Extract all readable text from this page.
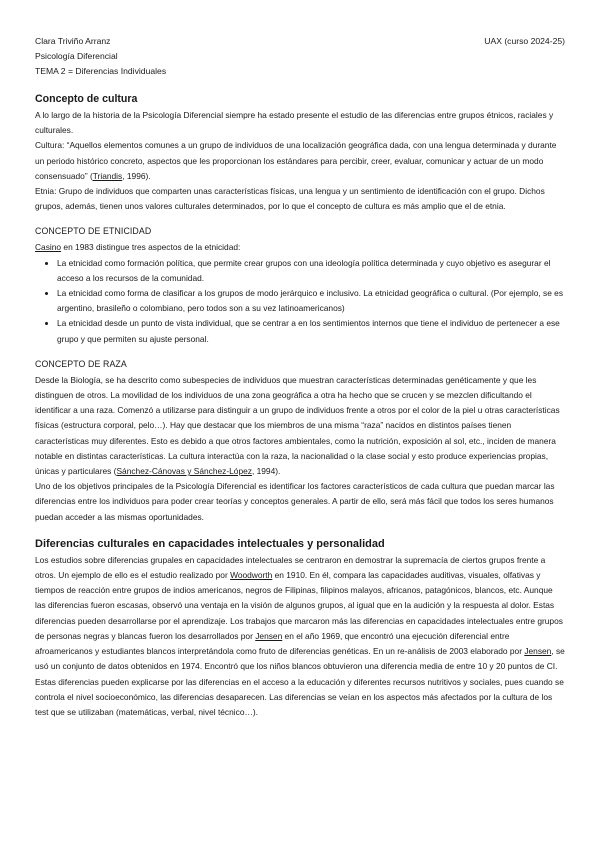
Clara Triviño Arranz	UAX (curso 2024-25)
Psicología Diferencial
TEMA 2 = Diferencias Individuales
Concepto de cultura

A lo largo de la historia de la Psicología Diferencial siempre ha estado presente el estudio de las diferencias entre grupos étnicos, raciales y culturales.

Cultura: “Aquellos elementos comunes a un grupo de individuos de una localización geográfica dada, con una lengua determinada y durante un periodo histórico concreto, aspectos que les proporcionan los estándares para percibir, creer, evaluar, comunicar y actuar de un modo consensuado” (Triandis, 1996).

Etnia: Grupo de individuos que comparten unas características físicas, una lengua y un sentimiento de identificación con el grupo. Dichos grupos, además, tienen unos valores culturales determinados, por lo que el concepto de cultura es más amplio que el de etnia.

CONCEPTO DE ETNICIDAD

Casino en 1983 distingue tres aspectos de la etnicidad:

• La etnicidad como formación política, que permite crear grupos con una ideología política determinada y cuyo objetivo es asegurar el acceso a los recursos de la comunidad.
• La etnicidad como forma de clasificar a los grupos de modo jerárquico e inclusivo. La etnicidad geográfica o cultural. (Por ejemplo, se es argentino, brasileño o colombiano, pero todos son a su vez latinoamericanos)
• La etnicidad desde un punto de vista individual, que se centrar a en los sentimientos internos que tiene el individuo de pertenecer a ese grupo y que permiten su ajuste personal.
CONCEPTO DE RAZA

Desde la Biología, se ha descrito como subespecies de individuos que muestran características determinadas genéticamente y que les distinguen de otros. La movilidad de los individuos de una zona geográfica a otra ha hecho que se crucen y se mezclen dificultando el identificar a una raza. Comenzó a utilizarse para distinguir a un grupo de individuos frente a otros por el color de la piel u otras características físicas (estructura corporal, pelo…). Hay que destacar que los miembros de una misma “raza” nacidos en distintos países tienen características muy diferentes. Esto es debido a que otros factores ambientales, como la nutrición, exposición al sol, etc., inciden de manera notable en distintas características. La cultura interactúa con la raza, la nacionalidad o la clase social y esto produce experiencias propias, únicas y particulares (Sánchez-Cánovas y Sánchez-López, 1994).

Uno de los objetivos principales de la Psicología Diferencial es identificar los factores característicos de cada cultura que puedan marcar las diferencias entre los individuos para poder crear teorías y conceptos generales. A partir de ello, será más fácil que todos los seres humanos puedan acceder a las mismas oportunidades.

Diferencias culturales en capacidades intelectuales y personalidad

Los estudios sobre diferencias grupales en capacidades intelectuales se centraron en demostrar la supremacía de ciertos grupos frente a otros. Un ejemplo de ello es el estudio realizado por Woodworth en 1910. En él, compara las capacidades auditivas, visuales, olfativas y tiempos de reacción entre grupos de indios americanos, negros de Filipinas, filipinos malayos, africanos, patagónicos, blancos, etc. Aunque las diferencias fueron escasas, observó una ventaja en la visión de algunos grupos, al igual que en la audición y la respuesta al dolor. Estas diferencias pueden desarrollarse por el aprendizaje. Los trabajos que marcaron más las diferencias en capacidades intelectuales entre grupos de personas negras y blancas fueron los desarrollados por Jensen en el año 1969, que encontró una ejecución diferencial entre afroamericanos y estudiantes blancos interpretándola como fruto de diferencias genéticas. En un re-análisis de 2003 elaborado por Jensen, se usó un conjunto de datos obtenidos en 1974. Encontró que los niños blancos obtuvieron una diferencia media de entre 10 y 20 puntos de CI. Estas diferencias pueden explicarse por las diferencias en el acceso a la educación y diferentes recursos nutritivos y sociales, pues cuando se controla el nivel socioeconómico, las diferencias desaparecen. Las diferencias se veían en los aspectos más afectados por la cultura de los test que se utilizaban (matemáticas, verbal, nivel técnico…).
